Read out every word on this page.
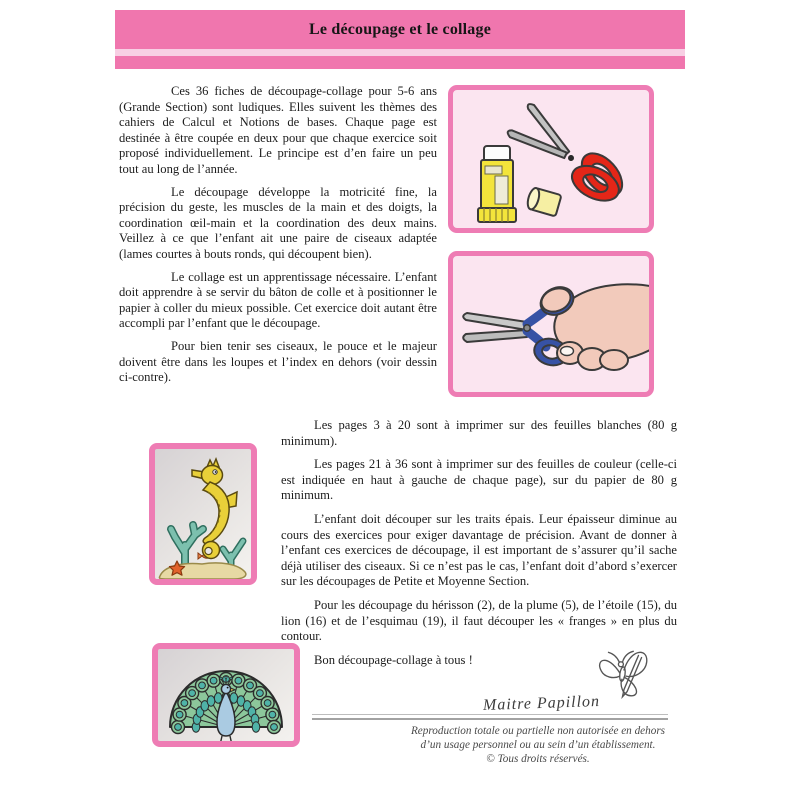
Le découpage et le collage

Ces 36 fiches de découpage-collage pour 5-6 ans (Grande Section) sont ludiques. Elles suivent les thèmes des cahiers de Calcul et Notions de bases. Chaque page est destinée à être coupée en deux pour que chaque exercice soit proposé individuellement. Le principe est d’en faire un peu tout au long de l’année.

Le découpage développe la motricité fine, la précision du geste, les muscles de la main et des doigts, la coordination œil-main et la coordination des deux mains. Veillez à ce que l’enfant ait une paire de ciseaux adaptée (lames courtes à bouts ronds, qui découpent bien).

Le collage est un apprentissage nécessaire. L’enfant doit apprendre à se servir du bâton de colle et à positionner le papier à coller du mieux possible. Cet exercice doit autant être accompli par l’enfant que le découpage.

Pour bien tenir ses ciseaux, le pouce et le majeur doivent être dans les loupes et l’index en dehors (voir dessin ci-contre).

Les pages 3 à 20 sont à imprimer sur des feuilles blanches (80 g minimum).

Les pages 21 à 36 sont à imprimer sur des feuilles de couleur (celle-ci est indiquée en haut à gauche de chaque page), sur du papier de 80 g minimum.

L’enfant doit découper sur les traits épais. Leur épaisseur diminue au cours des exercices pour exiger davantage de précision. Avant de donner à l’enfant ces exercices de découpage, il est important de s’assurer qu’il sache déjà utiliser des ciseaux. Si ce n’est pas le cas, l’enfant doit d’abord s’exercer sur les découpages de Petite et Moyenne Section.

Pour les découpage du hérisson (2), de la plume (5), de l’étoile (15), du lion (16) et de l’esquimau (19), il faut découper les « franges » en plus du contour.

Bon découpage-collage à tous !

Maitre Papillon

Reproduction totale ou partielle non autorisée en dehors

d’un usage personnel ou au sein d’un établissement.

© Tous droits réservés.
